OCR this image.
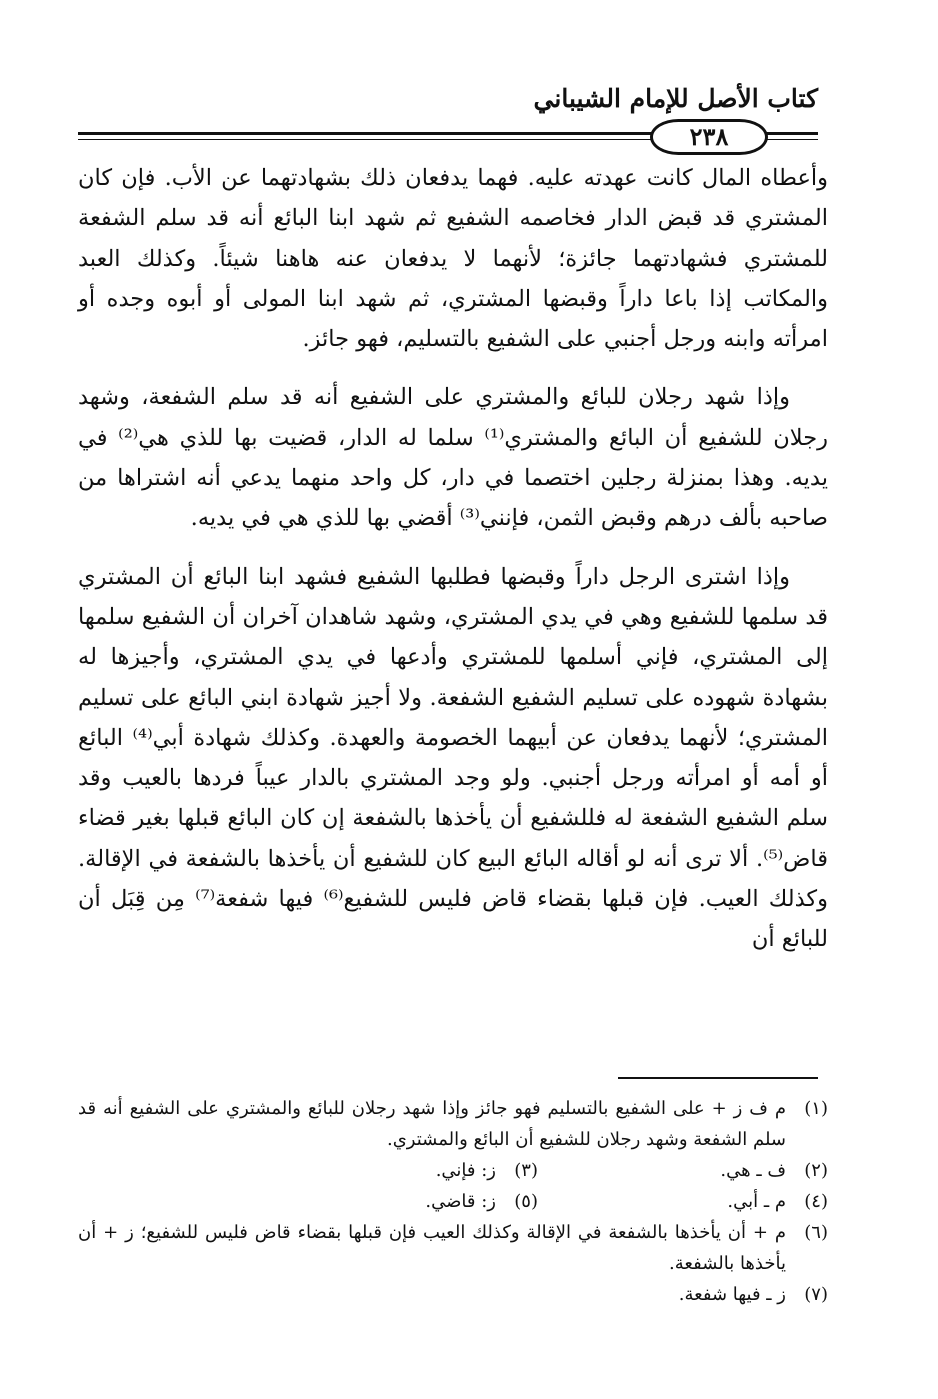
كتاب الأصل للإمام الشيباني
٢٣٨

وأعطاه المال كانت عهدته عليه. فهما يدفعان ذلك بشهادتهما عن الأب. فإن كان المشتري قد قبض الدار فخاصمه الشفيع ثم شهد ابنا البائع أنه قد سلم الشفعة للمشتري فشهادتهما جائزة؛ لأنهما لا يدفعان عنه هاهنا شيئاً. وكذلك العبد والمكاتب إذا باعا داراً وقبضها المشتري، ثم شهد ابنا المولى أو أبوه وجده أو امرأته وابنه ورجل أجنبي على الشفيع بالتسليم، فهو جائز.

وإذا شهد رجلان للبائع والمشتري على الشفيع أنه قد سلم الشفعة، وشهد رجلان للشفيع أن البائع والمشتري⁽¹⁾ سلما له الدار، قضيت بها للذي هي⁽²⁾ في يديه. وهذا بمنزلة رجلين اختصما في دار، كل واحد منهما يدعي أنه اشتراها من صاحبه بألف درهم وقبض الثمن، فإنني⁽³⁾ أقضي بها للذي هي في يديه.

وإذا اشترى الرجل داراً وقبضها فطلبها الشفيع فشهد ابنا البائع أن المشتري قد سلمها للشفيع وهي في يدي المشتري، وشهد شاهدان آخران أن الشفيع سلمها إلى المشتري، فإني أسلمها للمشتري وأدعها في يدي المشتري، وأجيزها له بشهادة شهوده على تسليم الشفيع الشفعة. ولا أجيز شهادة ابني البائع على تسليم المشتري؛ لأنهما يدفعان عن أبيهما الخصومة والعهدة. وكذلك شهادة أبي⁽⁴⁾ البائع أو أمه أو امرأته ورجل أجنبي. ولو وجد المشتري بالدار عيباً فردها بالعيب وقد سلم الشفيع الشفعة له فللشفيع أن يأخذها بالشفعة إن كان البائع قبلها بغير قضاء قاض⁽⁵⁾. ألا ترى أنه لو أقاله البائع البيع كان للشفيع أن يأخذها بالشفعة في الإقالة. وكذلك العيب. فإن قبلها بقضاء قاض فليس للشفيع⁽⁶⁾ فيها شفعة⁽⁷⁾ مِن قِبَل أن للبائع أن

(١)
م ف ز + على الشفيع بالتسليم فهو جائز وإذا شهد رجلان للبائع والمشتري على الشفيع أنه قد سلم الشفعة وشهد رجلان للشفيع أن البائع والمشتري.
(٢)
ف ـ هي.
(٣)
ز: فإني.
(٤)
م ـ أبي.
(٥)
ز: قاضي.
(٦)
م + أن يأخذها بالشفعة في الإقالة وكذلك العيب فإن قبلها بقضاء قاض فليس للشفيع؛ ز + أن يأخذها بالشفعة.
(٧)
ز ـ فيها شفعة.
